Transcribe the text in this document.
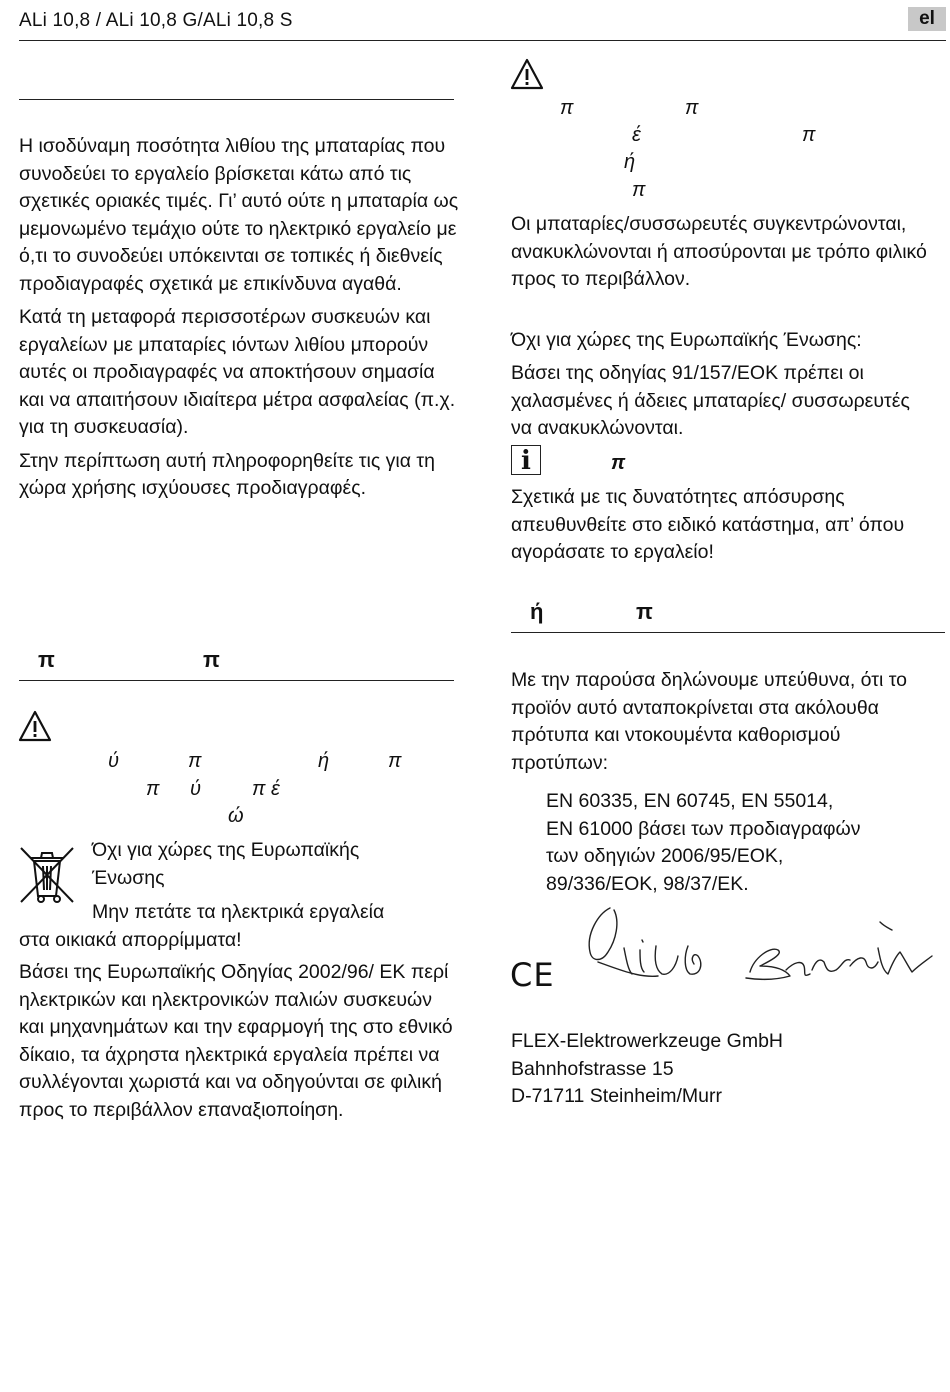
ALi 10,8 / ALi 10,8 G/ALi 10,8 S	el

Η ισοδύναμη ποσότητα λιθίου της μπαταρίας που συνοδεύει το εργαλείο βρίσκεται κάτω από τις σχετικές οριακές τιμές. Γι’ αυτό ούτε η μπαταρία ως μεμονωμένο τεμάχιο ούτε το ηλεκτρικό εργαλείο με ό,τι το συνοδεύει υπόκεινται σε τοπικές ή διεθνείς προδιαγραφές σχετικά με επικίνδυνα αγαθά.

Κατά τη μεταφορά περισσοτέρων συσκευών και εργαλείων με μπαταρίες ιόντων λιθίου μπορούν αυτές οι προδιαγραφές να αποκτήσουν σημασία και να απαιτήσουν ιδιαίτερα μέτρα ασφαλείας (π.χ. για τη συσκευασία).

Στην περίπτωση αυτή πληροφορηθείτε τις για τη χώρα χρήσης ισχύουσες προδιαγραφές.

π	π
ύ	π	ή	π
π ύ	π έ
ώ
Όχι για χώρες της Ευρωπαϊκής
Ένωσης
Μην πετάτε τα ηλεκτρικά εργαλεία
στα οικιακά απορρίμματα!
Βάσει της Ευρωπαϊκής Οδηγίας 2002/96/ ΕΚ περί ηλεκτρικών και ηλεκτρονικών παλιών συσκευών και μηχανημάτων και την εφαρμογή της στο εθνικό δίκαιο, τα άχρηστα ηλεκτρικά εργαλεία πρέπει να συλλέγονται χωριστά και να οδηγούνται σε φιλική προς το περιβάλλον επαναξιοποίηση.
π	π
έ	π
ή
π
Οι μπαταρίες/συσσωρευτές συγκεντρώνονται, ανακυκλώνονται ή αποσύρονται με τρόπο φιλικό προς το περιβάλλον.
Όχι για χώρες της Ευρωπαϊκής Ένωσης:
Βάσει της οδηγίας 91/157/ΕΟΚ πρέπει οι χαλασμένες ή άδειες μπαταρίες/ συσσωρευτές να ανακυκλώνονται.
i	π
Σχετικά με τις δυνατότητες απόσυρσης απευθυνθείτε στο ειδικό κατάστημα, απ’ όπου αγοράσατε το εργαλείο!
ή	π
Με την παρούσα δηλώνουμε υπεύθυνα, ότι το προϊόν αυτό ανταποκρίνεται στα ακόλουθα πρότυπα και ντοκουμέντα καθορισμού προτύπων:
EN 60335, EN 60745, EN 55014,
EN 61000 βάσει των προδιαγραφών
των οδηγιών 2006/95/ΕΟΚ,
89/336/ΕΟΚ, 98/37/ΕΚ.
CE
FLEX-Elektrowerkzeuge GmbH
Bahnhofstrasse 15
D-71711 Steinheim/Murr
